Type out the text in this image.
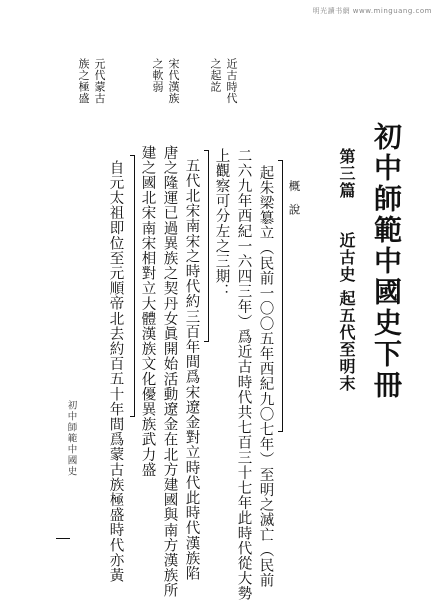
明光讀书網 www.minguang.com
初中師範中國史下冊
第三篇
近古史
起五代至明末
概說
起朱梁簒立（民前一〇〇五年西紀九〇七年）至明之滅亡（民前
二六九年西紀一六四三年）爲近古時代共七百三十七年此時代從大勢
上觀察可分左之三期：
五代北宋南宋之時代約三百年間爲宋遼金對立時代此時代漢族陷
唐之隆運已過異族之契丹女眞開始活動遼金在北方建國與南方漢族所
建之國北宋南宋相對立大體漢族文化優異族武力盛
自元太祖即位至元順帝北去約百五十年間爲蒙古族極盛時代亦黃
近古時代
之起訖
宋代漢族
之軟弱
元代蒙古
族之極盛
初中師範中國史
